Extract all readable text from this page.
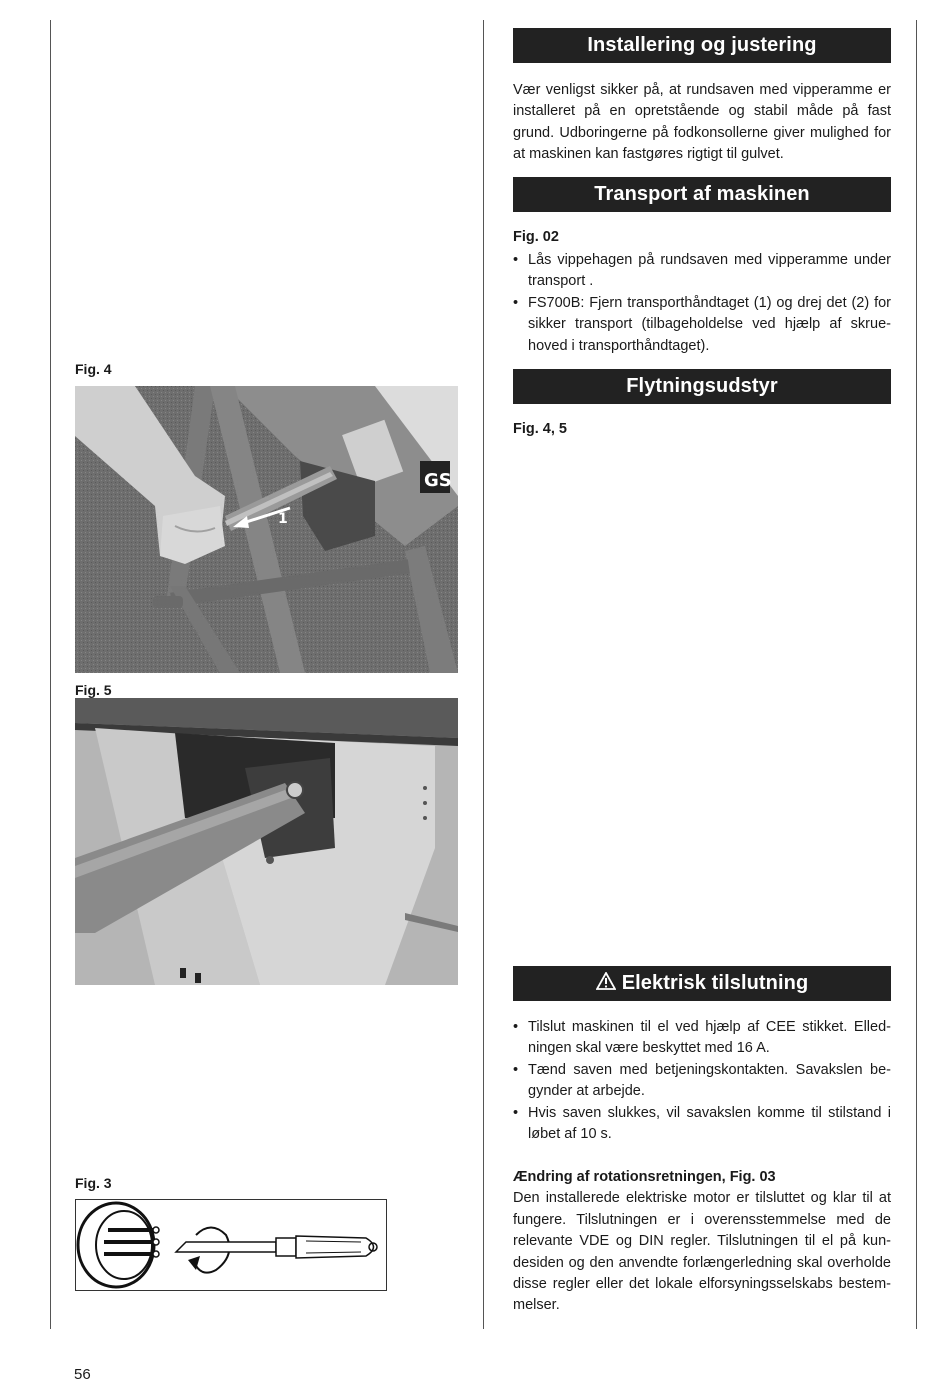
Fig. 4
GS
1
Fig. 5
Fig. 3
56
Installering og justering
Vær venligst sikker på, at rundsaven med vipperamme er installeret på en opretstående og stabil måde på fast grund. Udboringerne på fodkonsollerne giver mulighed for at maskinen kan fastgøres rigtigt til gulvet.
Transport af maskinen
Fig. 02
• Lås vippehagen på rundsaven med vipperamme under transport .
• FS700B: Fjern transporthåndtaget (1) og drej det (2) for sikker transport (tilbageholdelse ved hjælp af skruehoved i transporthåndtaget).
Flytningsudstyr
Fig. 4, 5
Elektrisk tilslutning
• Tilslut maskinen til el ved hjælp af CEE stikket. Elledningen skal være beskyttet med 16 A.
• Tænd saven med betjeningskontakten. Savakslen begynder at arbejde.
• Hvis saven slukkes, vil savakslen komme til stilstand i løbet af 10 s.
Ændring af rotationsretningen, Fig. 03
Den installerede elektriske motor er tilsluttet og klar til at fungere. Tilslutningen er i overensstemmelse med de relevante VDE og DIN regler. Tilslutningen til el på kundesiden og den anvendte forlængerledning skal overholde disse regler eller det lokale elforsyningsselskabs bestemmelser.
